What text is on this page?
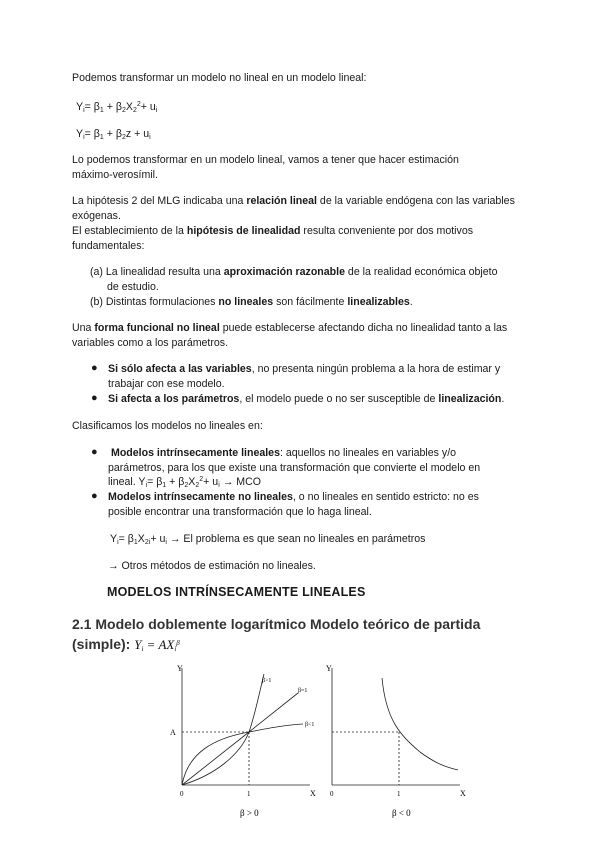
Podemos transformar un modelo no lineal en un modelo lineal:
$Y_i= \beta_1 + \beta_2X_2^2+ u_i$
$Y_i= \beta_1 + \beta_2z + u_i$
Lo podemos transformar en un modelo lineal, vamos a tener que hacer estimación máximo-verosímil.
La hipótesis 2 del MLG indicaba una relación lineal de la variable endógena con las variables exógenas.
El establecimiento de la hipótesis de linealidad resulta conveniente por dos motivos fundamentales:
(a) La linealidad resulta una aproximación razonable de la realidad económica objeto
de estudio.
(b) Distintas formulaciones no lineales son fácilmente linealizables.
Una forma funcional no lineal puede establecerse afectando dicha no linealidad tanto a las variables como a los parámetros.
● Si sólo afecta a las variables, no presenta ningún problema a la hora de estimar y
trabajar con ese modelo.
● Si afecta a los parámetros, el modelo puede o no ser susceptible de linealización.
Clasificamos los modelos no lineales en:
● Modelos intrínsecamente lineales: aquellos no lineales en variables y/o
parámetros, para los que existe una transformación que convierte el modelo en
lineal. $Y_i= \beta_1 + \beta_2X_2^2+ u_i$ → MCO
● Modelos intrínsecamente no lineales, o no lineales en sentido estricto: no es
posible encontrar una transformación que lo haga lineal.
$Y_i= \beta_1X_{2i}+ u_i \to El$ problema es que sean no lineales en parámetros
→ Otros métodos de estimación no lineales.
MODELOS INTRÍNSECAMENTE LINEALES
2.1 Modelo doblemente logarítmico Modelo teórico de partida (simple): $Y_i = AX_i^\beta$
Y
X
0	1
A
β>1
β=1
β<1
β > 0
Y
X
0	1
β < 0
